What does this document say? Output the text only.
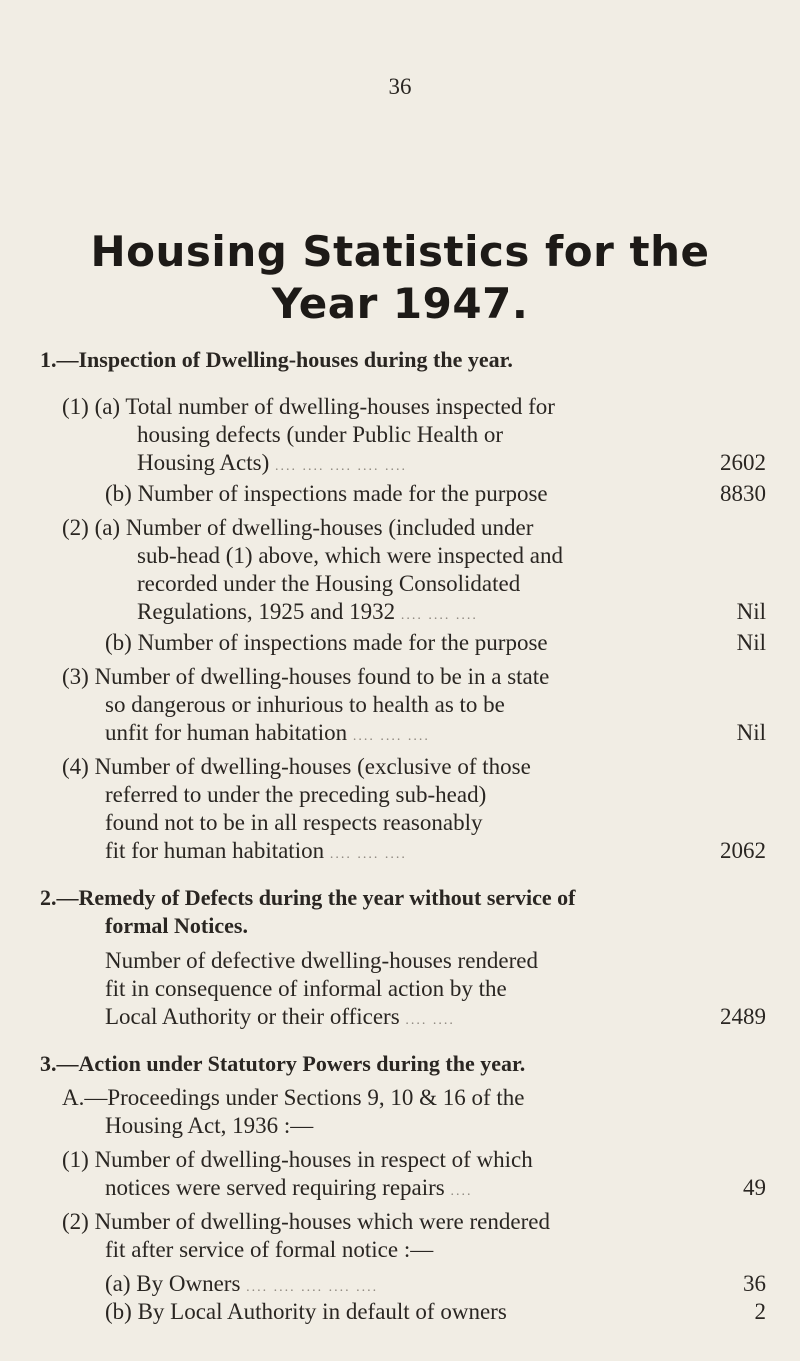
36
Housing Statistics for the
Year 1947.
1.—Inspection of Dwelling-houses during the year.
(1) (a) Total number of dwelling-houses inspected for
housing defects (under Public Health or
Housing Acts) .... .... .... .... ....	2602
(b) Number of inspections made for the purpose	8830
(2) (a) Number of dwelling-houses (included under
sub-head (1) above, which were inspected and
recorded under the Housing Consolidated
Regulations, 1925 and 1932 .... .... ....	Nil
(b) Number of inspections made for the purpose	Nil
(3) Number of dwelling-houses found to be in a state
so dangerous or inhurious to health as to be
unfit for human habitation .... .... ....	Nil
(4) Number of dwelling-houses (exclusive of those
referred to under the preceding sub-head)
found not to be in all respects reasonably
fit for human habitation .... .... ....	2062
2.—Remedy of Defects during the year without service of
formal Notices.
Number of defective dwelling-houses rendered
fit in consequence of informal action by the
Local Authority or their officers .... ....	2489
3.—Action under Statutory Powers during the year.
A.—Proceedings under Sections 9, 10 & 16 of the
Housing Act, 1936 :—
(1) Number of dwelling-houses in respect of which
notices were served requiring repairs ....	49
(2) Number of dwelling-houses which were rendered
fit after service of formal notice :—
(a) By Owners .... .... .... .... ....	36
(b) By Local Authority in default of owners	2
